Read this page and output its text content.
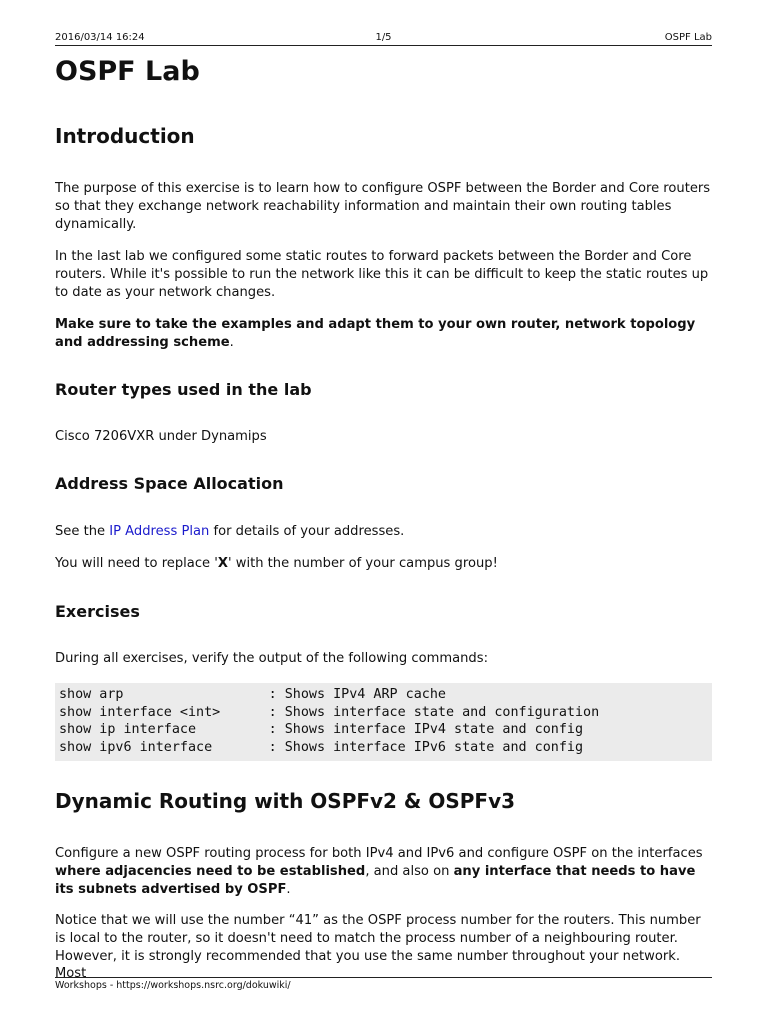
2016/03/14 16:24	1/5	OSPF Lab
OSPF Lab
Introduction

The purpose of this exercise is to learn how to configure OSPF between the Border and Core routers so that they exchange network reachability information and maintain their own routing tables dynamically.

In the last lab we configured some static routes to forward packets between the Border and Core routers. While it's possible to run the network like this it can be difficult to keep the static routes up to date as your network changes.

Make sure to take the examples and adapt them to your own router, network topology and addressing scheme.

Router types used in the lab

Cisco 7206VXR under Dynamips

Address Space Allocation

See the IP Address Plan for details of your addresses.

You will need to replace 'X' with the number of your campus group!

Exercises

During all exercises, verify the output of the following commands:

show arp                  : Shows IPv4 ARP cache
show interface <int>      : Shows interface state and configuration
show ip interface         : Shows interface IPv4 state and config
show ipv6 interface       : Shows interface IPv6 state and config
Dynamic Routing with OSPFv2 & OSPFv3

Configure a new OSPF routing process for both IPv4 and IPv6 and configure OSPF on the interfaces where adjacencies need to be established, and also on any interface that needs to have its subnets advertised by OSPF.

Notice that we will use the number “41” as the OSPF process number for the routers. This number is local to the router, so it doesn't need to match the process number of a neighbouring router. However, it is strongly recommended that you use the same number throughout your network. Most

Workshops - https://workshops.nsrc.org/dokuwiki/
